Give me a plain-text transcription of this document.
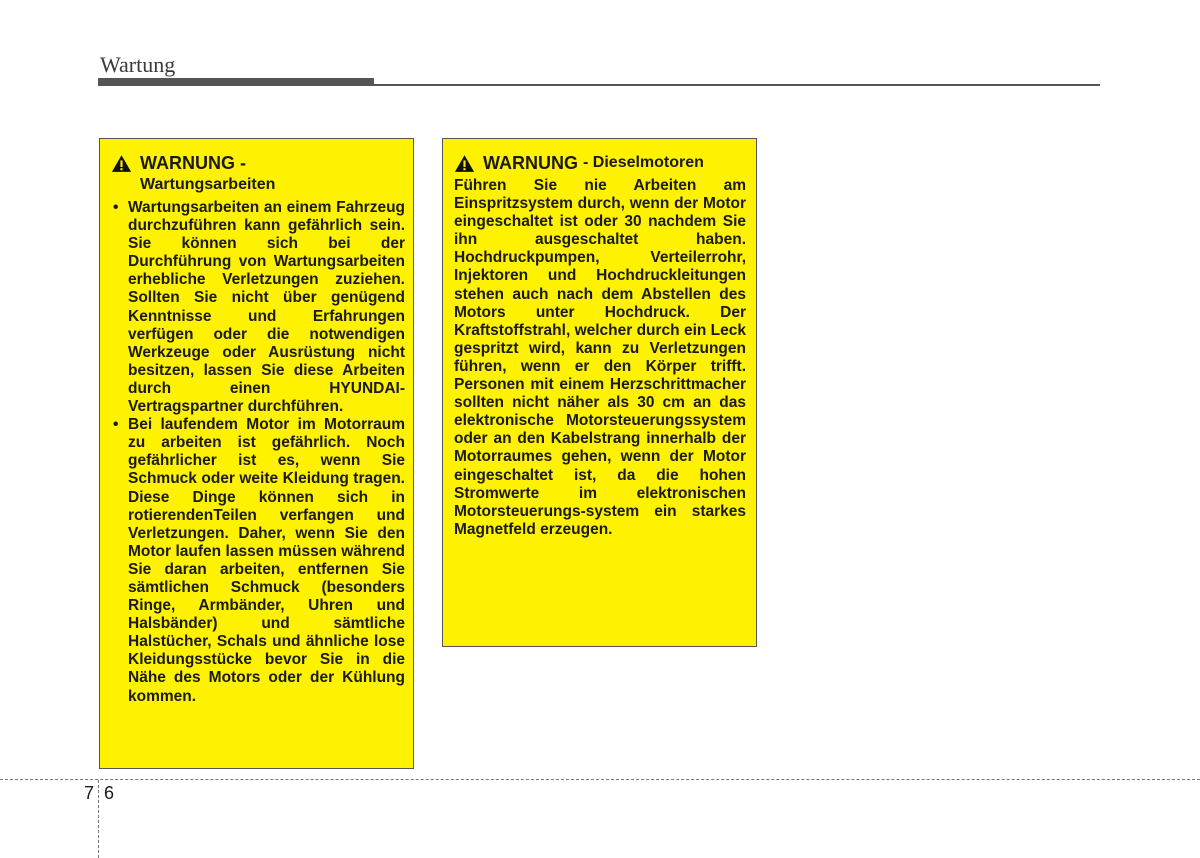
Wartung
WARNUNG
-
Wartungsarbeiten
• Wartungsarbeiten an einem Fahrzeug durchzuführen kann gefährlich sein. Sie können sich bei der Durchführung von Wartungsarbeiten erhebliche Verletzungen zuziehen. Sollten Sie nicht über genügend Kenntnisse und Erfahrungen verfügen oder die notwendigen Werkzeuge oder Ausrüstung nicht besitzen, lassen Sie diese Arbeiten durch einen HYUNDAI-Vertragspartner durchführen.
• Bei laufendem Motor im Motorraum zu arbeiten ist gefährlich. Noch gefährlicher ist es, wenn Sie Schmuck oder weite Kleidung tragen. Diese Dinge können sich in rotierendenTeilen verfangen und Verletzungen. Daher, wenn Sie den Motor laufen lassen müssen während Sie daran arbeiten, entfernen Sie sämtlichen Schmuck (besonders Ringe, Armbänder, Uhren und Halsbänder) und sämtliche Halstücher, Schals und ähnliche lose Kleidungsstücke bevor Sie in die Nähe des Motors oder der Kühlung kommen.
WARNUNG
- Dieselmotoren
Führen Sie nie Arbeiten am Einspritzsystem durch, wenn der Motor eingeschaltet ist oder 30 nachdem Sie ihn ausgeschaltet haben. Hochdruckpumpen, Verteilerrohr, Injektoren und Hochdruckleitungen stehen auch nach dem Abstellen des Motors unter Hochdruck. Der Kraftstoffstrahl, welcher durch ein Leck gespritzt wird, kann zu Verletzungen führen, wenn er den Körper trifft. Personen mit einem Herzschrittmacher sollten nicht näher als 30 cm an das elektronische Motorsteuerungssystem oder an den Kabelstrang innerhalb der Motorraumes gehen, wenn der Motor eingeschaltet ist, da die hohen Stromwerte im elektronischen Motorsteuerungs-system ein starkes Magnetfeld erzeugen.
7 6
